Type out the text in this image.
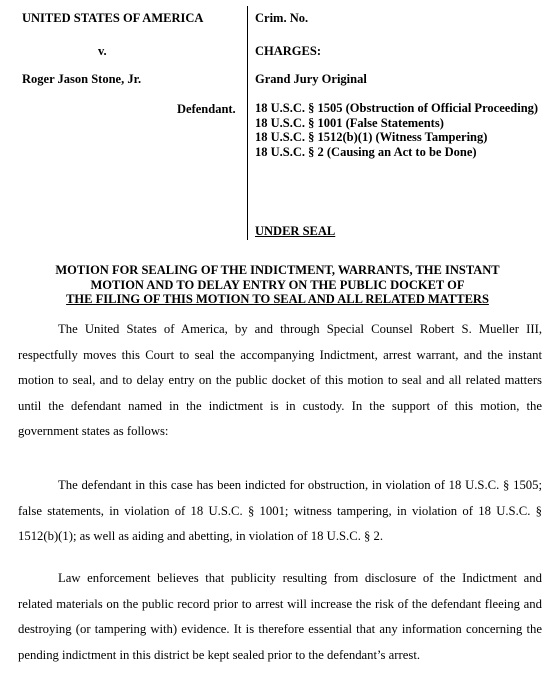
UNITED STATES OF AMERICA
v.
Roger Jason Stone, Jr.
Defendant.
Crim. No.
CHARGES:
Grand Jury Original
18 U.S.C. § 1505 (Obstruction of Official Proceeding)
18 U.S.C. § 1001 (False Statements)
18 U.S.C. § 1512(b)(1) (Witness Tampering)
18 U.S.C. § 2 (Causing an Act to be Done)
UNDER SEAL
MOTION FOR SEALING OF THE INDICTMENT, WARRANTS, THE INSTANT
MOTION AND TO DELAY ENTRY ON THE PUBLIC DOCKET OF
THE FILING OF THIS MOTION TO SEAL AND ALL RELATED MATTERS
The United States of America, by and through Special Counsel Robert S. Mueller III, respectfully moves this Court to seal the accompanying Indictment, arrest warrant, and the instant motion to seal, and to delay entry on the public docket of this motion to seal and all related matters until the defendant named in the indictment is in custody. In the support of this motion, the government states as follows:
The defendant in this case has been indicted for obstruction, in violation of 18 U.S.C. § 1505; false statements, in violation of 18 U.S.C. § 1001; witness tampering, in violation of 18 U.S.C. § 1512(b)(1); as well as aiding and abetting, in violation of 18 U.S.C. § 2.
Law enforcement believes that publicity resulting from disclosure of the Indictment and related materials on the public record prior to arrest will increase the risk of the defendant fleeing and destroying (or tampering with) evidence. It is therefore essential that any information concerning the pending indictment in this district be kept sealed prior to the defendant’s arrest.
